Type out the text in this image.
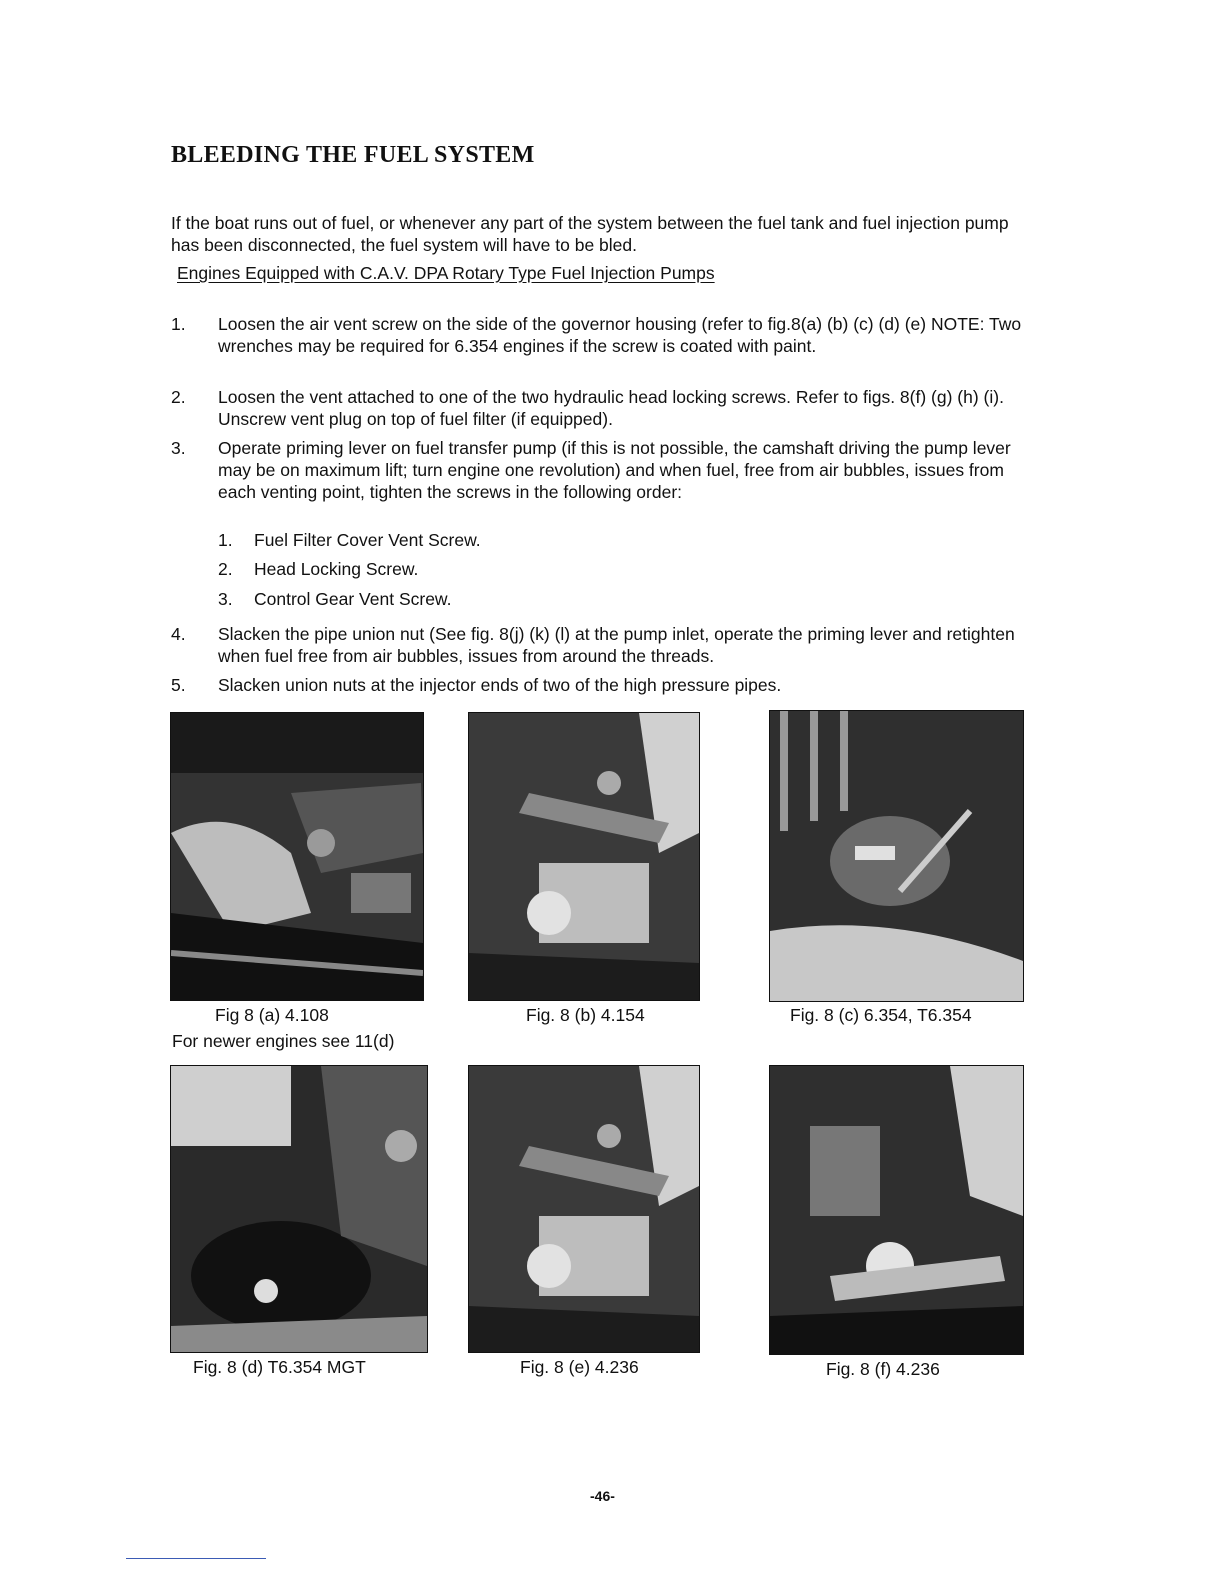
BLEEDING THE FUEL SYSTEM

If the boat runs out of fuel, or whenever any part of the system between the fuel tank and fuel injection pump has been disconnected, the fuel system will have to be bled.

Engines Equipped with C.A.V. DPA Rotary Type Fuel Injection Pumps

1.	Loosen the air vent screw on the side of the governor housing (refer to fig.8(a) (b) (c) (d) (e) NOTE: Two wrenches may be required for 6.354 engines if the screw is coated with paint.
2.	Loosen the vent attached to one of the two hydraulic head locking screws. Refer to figs. 8(f) (g) (h) (i). Unscrew vent plug on top of fuel filter (if equipped).
3.	Operate priming lever on fuel transfer pump (if this is not possible, the camshaft driving the pump lever may be on maximum lift; turn engine one revolution) and when fuel, free from air bubbles, issues from each venting point, tighten the screws in the following order:
1. Fuel Filter Cover Vent Screw.
2. Head Locking Screw.
3. Control Gear Vent Screw.
4.	Slacken the pipe union nut (See fig. 8(j) (k) (l) at the pump inlet, operate the priming lever and retighten when fuel free from air bubbles, issues from around the threads.
5.	Slacken union nuts at the injector ends of two of the high pressure pipes.
Fig 8 (a) 4.108
For newer engines see 11(d)
Fig. 8 (b) 4.154	Fig. 8 (c) 6.354, T6.354
Fig. 8 (d) T6.354 MGT	Fig. 8 (e) 4.236	Fig. 8 (f) 4.236
-46-
